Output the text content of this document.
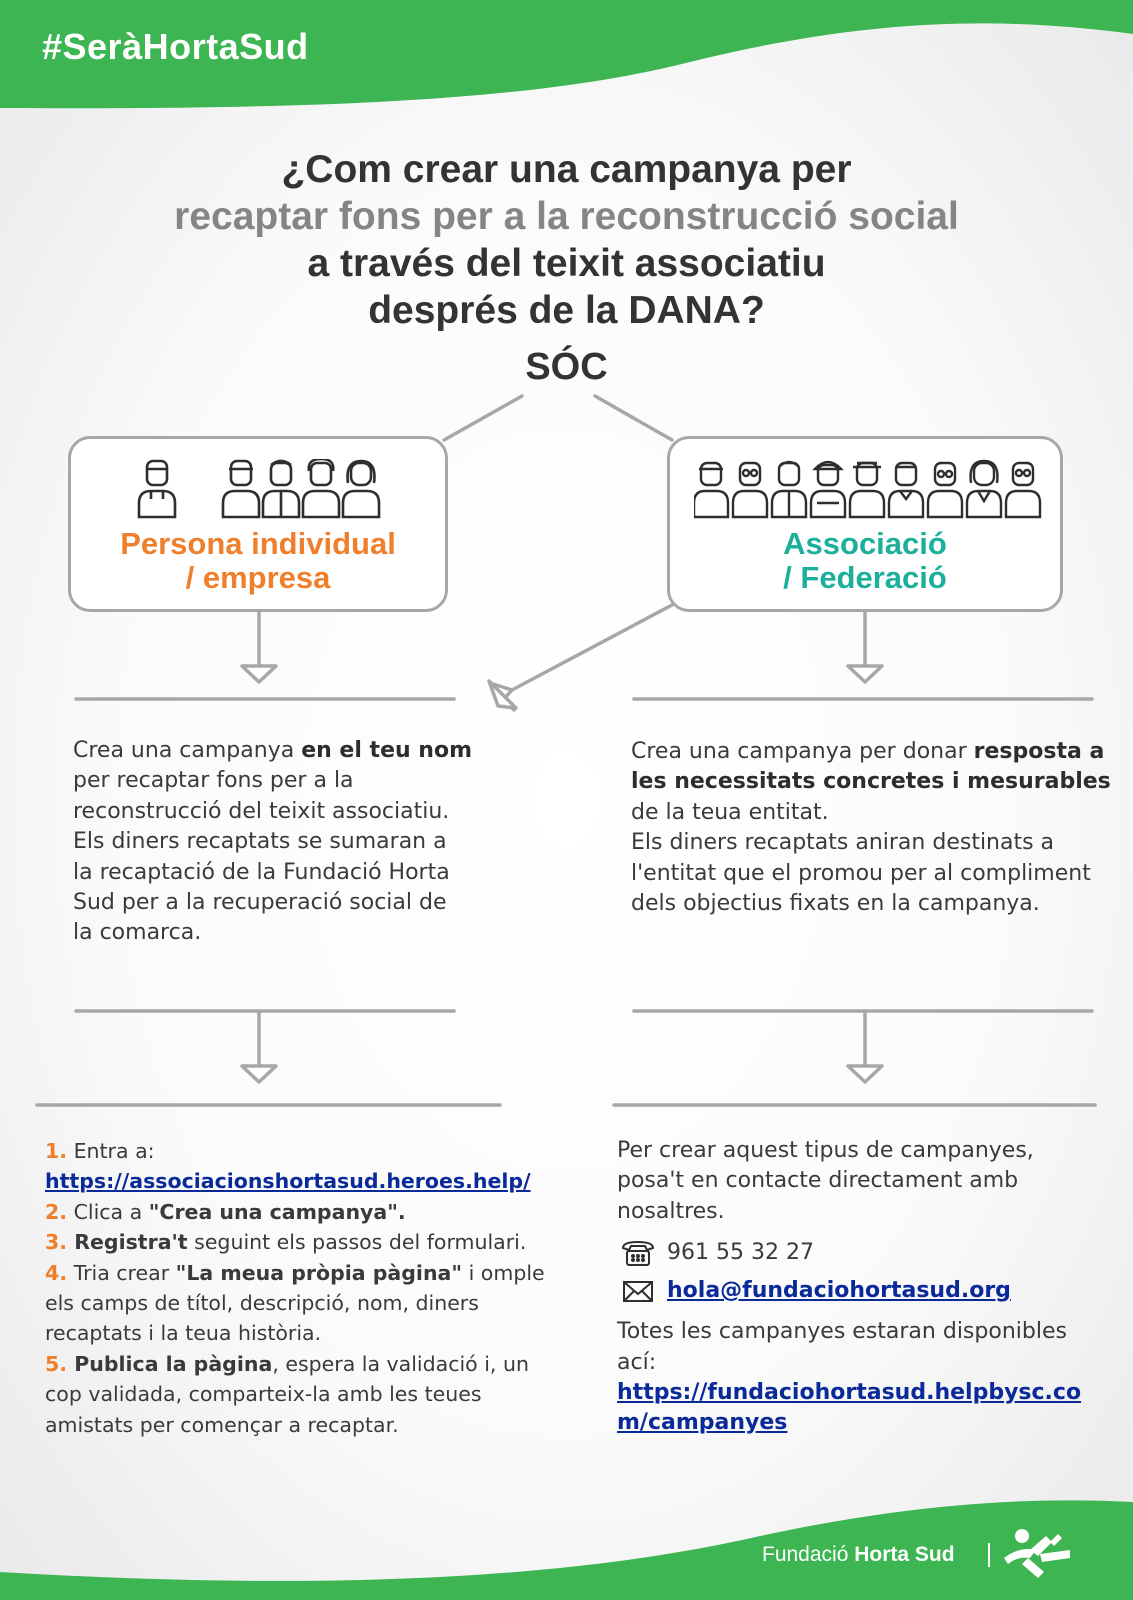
#SeràHortaSud
¿Com crear una campanya per
recaptar fons per a la reconstrucció social
a través del teixit associatiu
després de la DANA?
SÓC
Persona individual
/ empresa
Associació
/ Federació
Crea una campanya en el teu nom per recaptar fons per a la reconstrucció del teixit associatiu.
Els diners recaptats se sumaran a la recaptació de la Fundació Horta Sud per a la recuperació social de la comarca.
Crea una campanya per donar resposta a les necessitats concretes i mesurables de la teua entitat.
Els diners recaptats aniran destinats a l'entitat que el promou per al compliment dels objectius fixats en la campanya.
1. Entra a:
https://associacionshortasud.heroes.help/
2. Clica a "Crea una campanya".
3. Registra't seguint els passos del formulari.
4. Tria crear "La meua pròpia pàgina" i omple els camps de títol, descripció, nom, diners recaptats i la teua història.
5. Publica la pàgina, espera la validació i, un cop validada, comparteix-la amb les teues amistats per començar a recaptar.
Per crear aquest tipus de campanyes, posa't en contacte directament amb nosaltres.
961 55 32 27
hola@fundaciohortasud.org
Totes les campanyes estaran disponibles ací:
https://fundaciohortasud.helpbysc.com/campanyes
Fundació Horta Sud
